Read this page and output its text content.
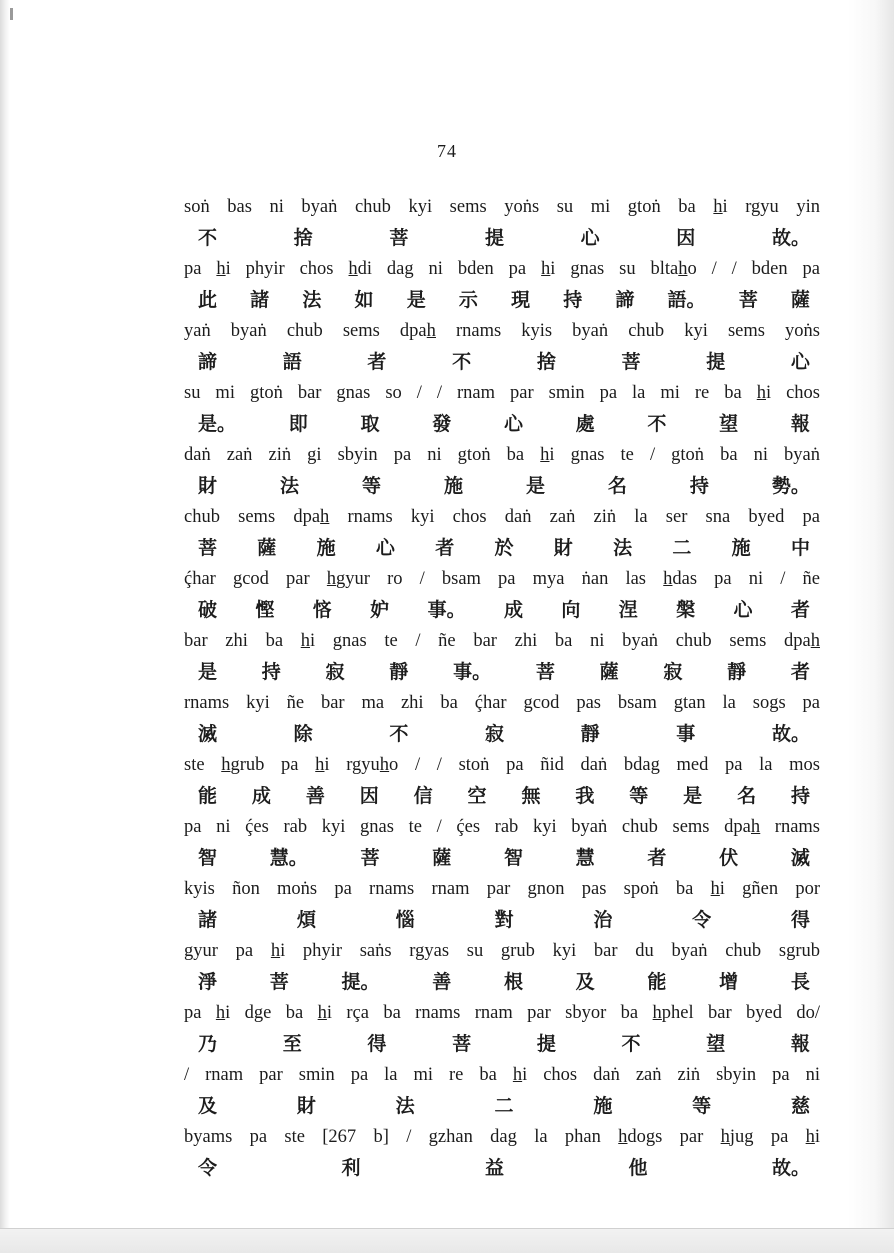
74
soṅ bas ni byaṅ chub kyi sems yoṅs su mi gtoṅ ba h̲i rgyu yin
不	捨	菩	提	心	因	故。
pa h̲i phyir chos h̲di dag ni bden pa h̲i gnas su bltah̲o / / bden pa
此 諸 法 如 是 示 現 持 諦 語。 菩 薩
yaṅ byaṅ chub sems dpah̲ rnams kyis byaṅ chub kyi sems yoṅs
諦	語	者	不	捨	菩	提	心
su mi gtoṅ bar gnas so / / rnam par smin pa la mi re ba h̲i chos
是。	即	取	發	心	處	不	望	報
daṅ zaṅ ziṅ gi sbyin pa ni gtoṅ ba h̲i gnas te / gtoṅ ba ni byaṅ
財	法	等	施	是	名	持	勢。
chub sems dpah̲ rnams kyi chos daṅ zaṅ ziṅ la ser sna byed pa
菩 薩 施 心 者 於 財 法 二 施 中
ḉhar gcod par h̲gyur ro / bsam pa mya ṅan las h̲das pa ni / ñe
破 慳 悋 妒 事。 成 向 涅 槃 心 者
bar zhi ba h̲i gnas te / ñe bar zhi ba ni byaṅ chub sems dpah̲
是 持 寂 靜 事。 菩 薩 寂 靜 者
rnams kyi ñe bar ma zhi ba ḉhar gcod pas bsam gtan la sogs pa
滅	除	不	寂	靜	事	故。
ste h̲grub pa h̲i rgyuh̲o / / stoṅ pa ñid daṅ bdag med pa la mos
能 成 善 因 信 空 無 我 等 是 名 持
pa ni ḉes rab kyi gnas te / ḉes rab kyi byaṅ chub sems dpah̲ rnams
智	慧。	菩	薩	智	慧	者	伏	滅
kyis ñon moṅs pa rnams rnam par gnon pas spoṅ ba h̲i gñen por
諸	煩	惱	對	治	令	得
gyur pa h̲i phyir saṅs rgyas su grub kyi bar du byaṅ chub sgrub
淨	菩	提。	善	根	及	能	增	長
pa h̲i dge ba h̲i rça ba rnams rnam par sbyor ba h̲phel bar byed do/
乃	至	得	菩	提	不	望	報
/ rnam par smin pa la mi re ba h̲i chos daṅ zaṅ ziṅ sbyin pa ni
及	財	法	二	施	等	慈
byams pa ste [267 b] / gzhan dag la phan h̲dogs par h̲jug pa h̲i
令	利	益	他	故。
